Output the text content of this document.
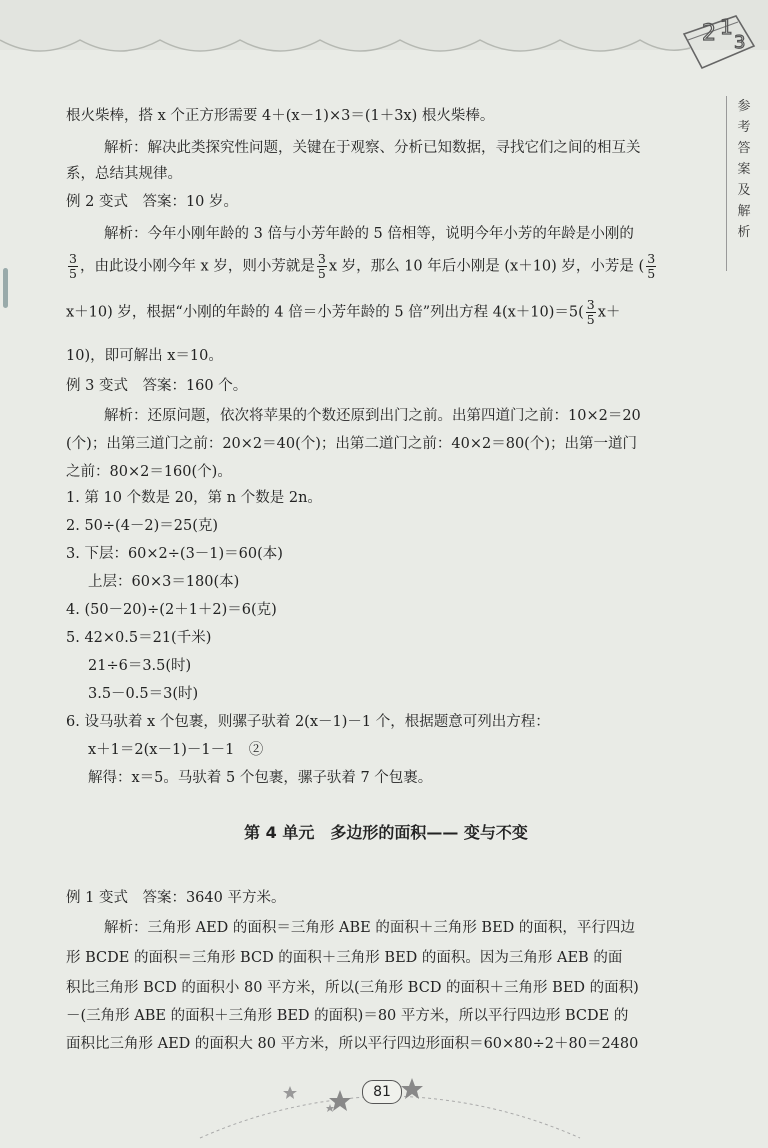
2 1
3
参
考
答
案
及
解
析
根火柴棒，搭 x 个正方形需要 4＋(x－1)×3＝(1＋3x) 根火柴棒。
解析：解决此类探究性问题，关键在于观察、分析已知数据，寻找它们之间的相互关
系，总结其规律。
例 2 变式　答案：10 岁。
解析：今年小刚年龄的 3 倍与小芳年龄的 5 倍相等，说明今年小芳的年龄是小刚的
$\frac{3}{5}$ ，由此设小刚今年 x 岁，则小芳就是 $\frac{3}{5}$ x 岁，那么 10 年后小刚是 (x＋10) 岁，小芳是 ( $\frac{3}{5}$
x＋10) 岁，根据“小刚的年龄的 4 倍＝小芳年龄的 5 倍”列出方程 $4(x+10)=5( \frac{3}{5} x+$
10)，即可解出 x＝10。
例 3 变式　答案：160 个。
解析：还原问题，依次将苹果的个数还原到出门之前。出第四道门之前：10×2＝20
(个)；出第三道门之前：20×2＝40(个)；出第二道门之前：40×2＝80(个)；出第一道门
之前：80×2＝160(个)。
1. 第 10 个数是 20，第 n 个数是 2n。
2. 50÷(4－2)＝25(克)
3. 下层：60×2÷(3－1)＝60(本)
上层：60×3＝180(本)
4. (50－20)÷(2＋1＋2)＝6(克)
5. 42×0.5＝21(千米)
21÷6＝3.5(时)
3.5－0.5＝3(时)
6. 设马驮着 x 个包裹，则骡子驮着 2(x－1)－1 个，根据题意可列出方程：
x＋1＝2(x－1)－1－1　②
解得：x＝5。马驮着 5 个包裹，骡子驮着 7 个包裹。
第 4 单元　多边形的面积—— 变与不变
例 1 变式　答案：3640 平方米。
解析：三角形 AED 的面积＝三角形 ABE 的面积＋三角形 BED 的面积，平行四边
形 BCDE 的面积＝三角形 BCD 的面积＋三角形 BED 的面积。因为三角形 AEB 的面
积比三角形 BCD 的面积小 80 平方米，所以(三角形 BCD 的面积＋三角形 BED 的面积)
－(三角形 ABE 的面积＋三角形 BED 的面积)＝80 平方米，所以平行四边形 BCDE 的
面积比三角形 AED 的面积大 80 平方米，所以平行四边形面积＝60×80÷2＋80＝2480
81
